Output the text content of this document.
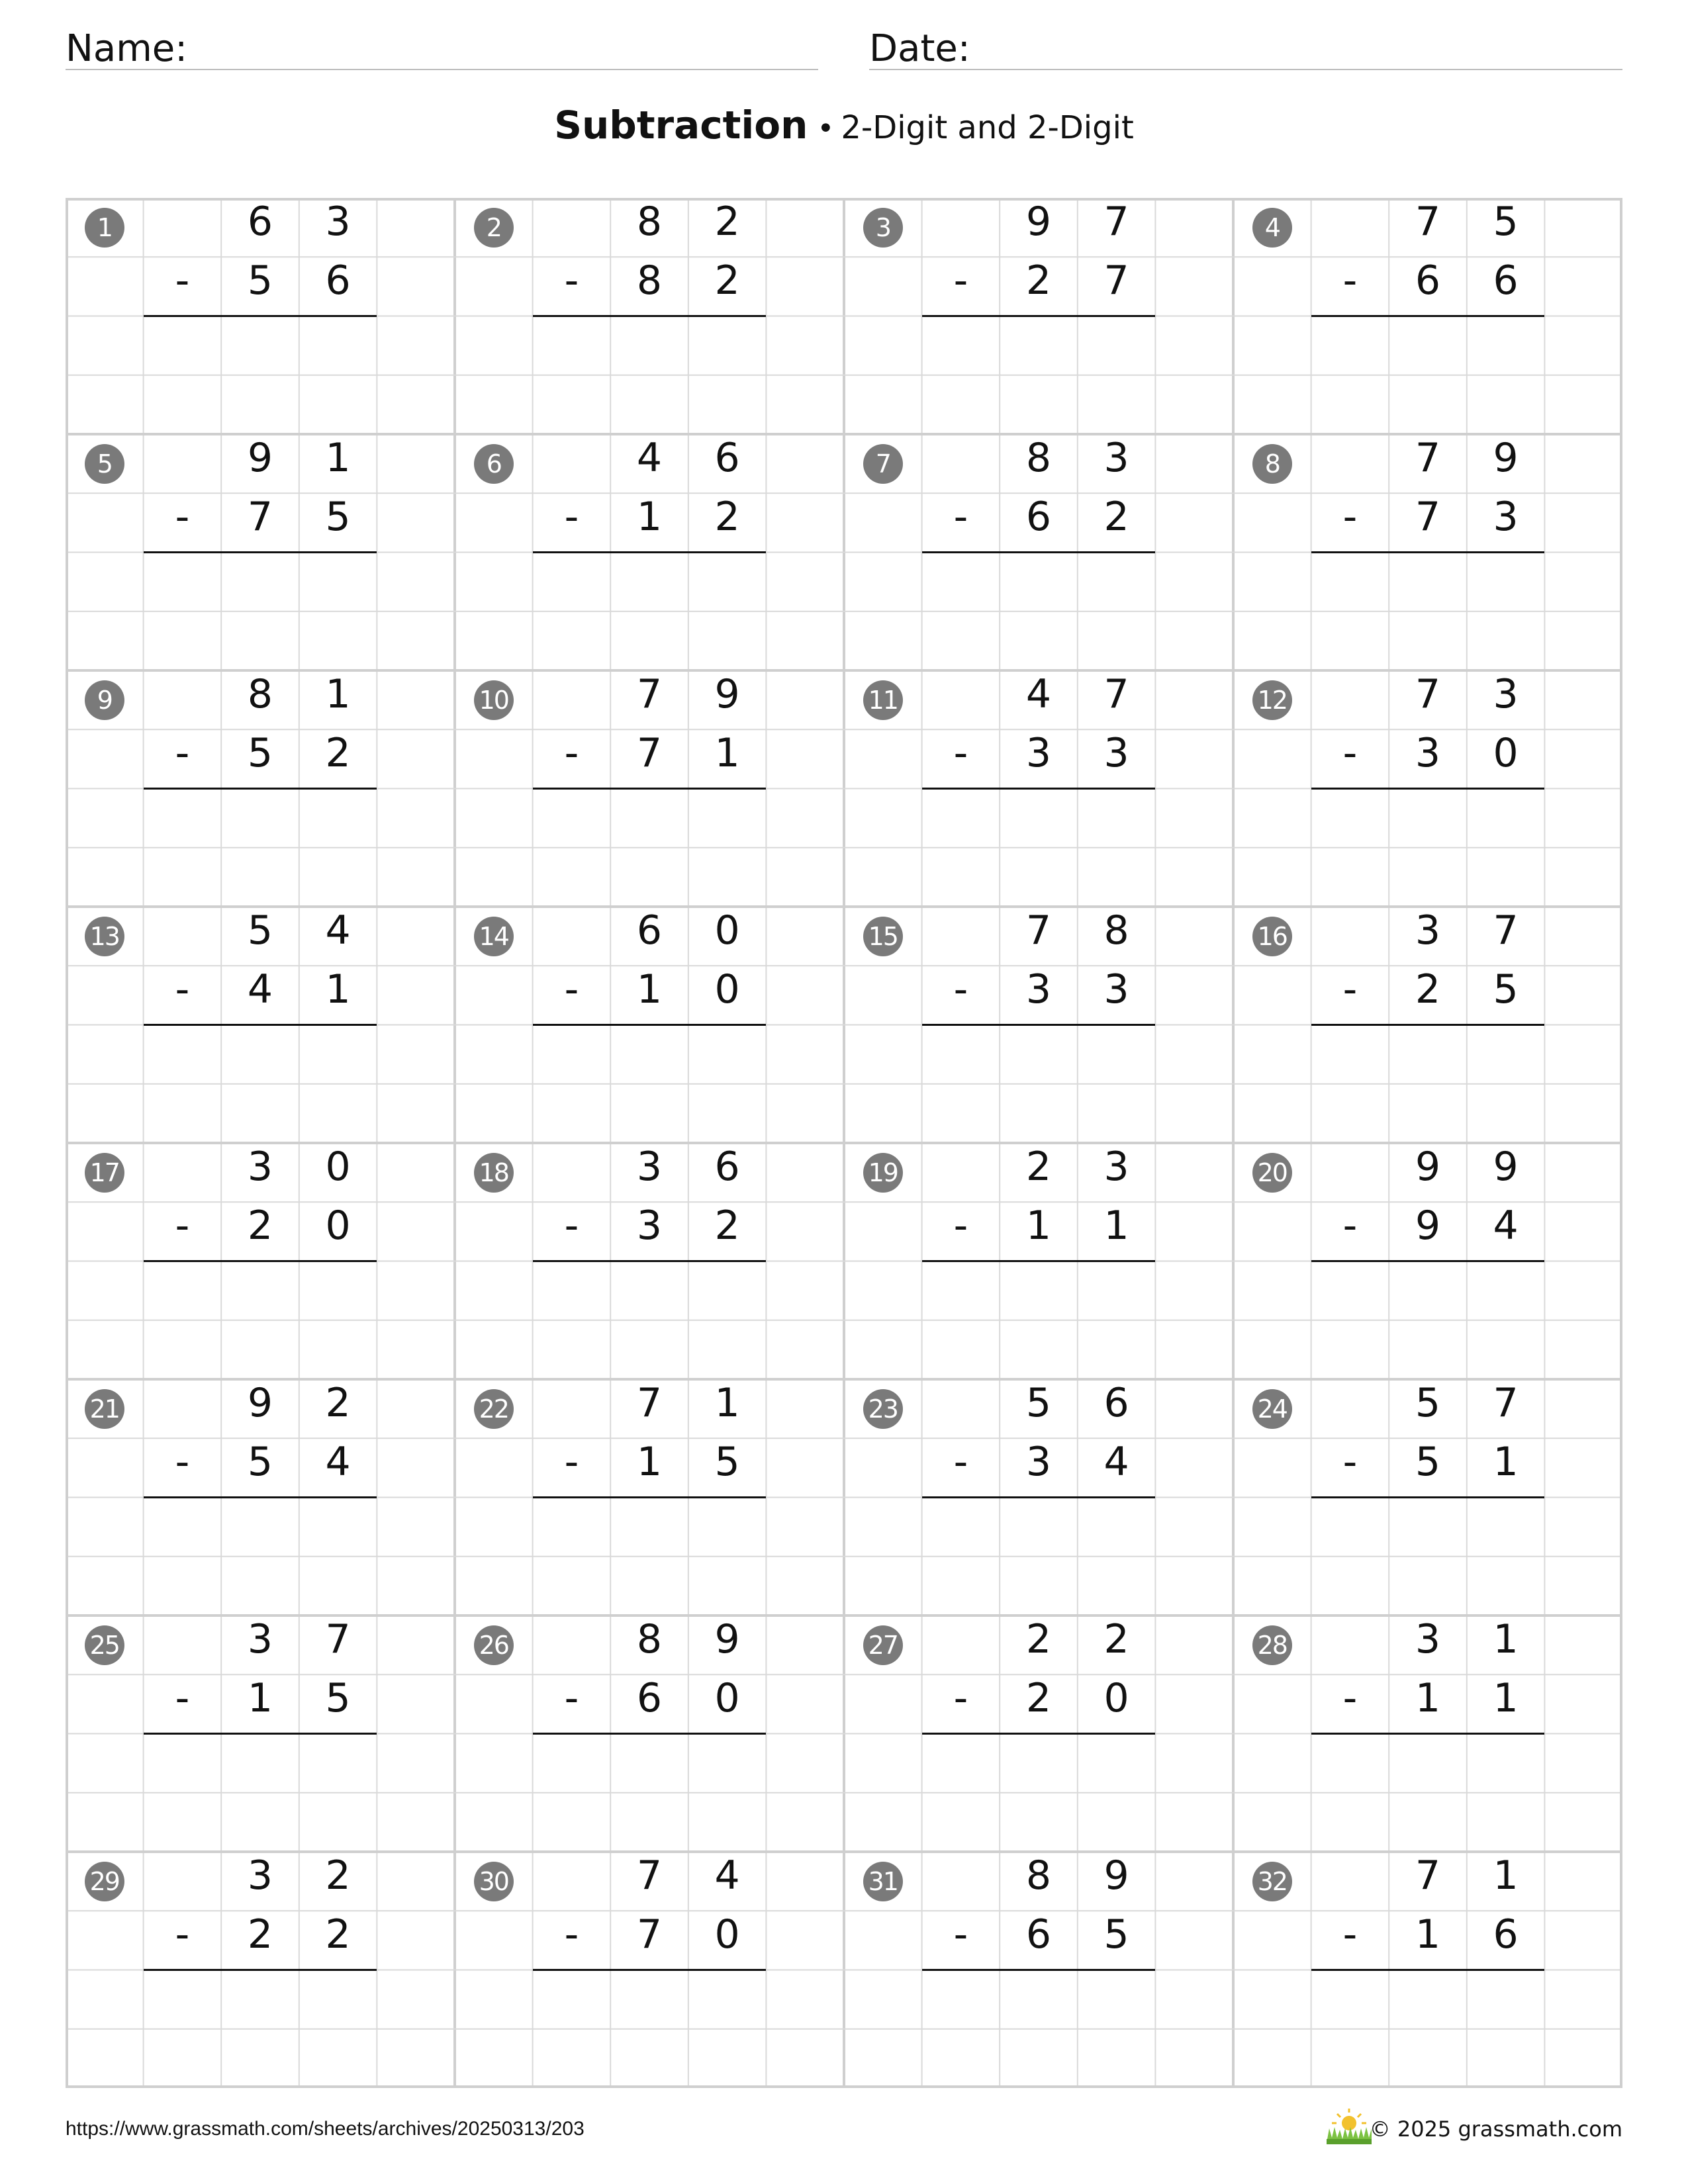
Name:	Date:
Subtraction • 2-Digit and 2-Digit
1	6	3
-	5	6
2	8	2
-	8	2
3	9	7
-	2	7
4	7	5
-	6	6
5	9	1
-	7	5
6	4	6
-	1	2
7	8	3
-	6	2
8	7	9
-	7	3
9	8	1
-	5	2
10	7	9
-	7	1
11	4	7
-	3	3
12	7	3
-	3	0
13	5	4
-	4	1
14	6	0
-	1	0
15	7	8
-	3	3
16	3	7
-	2	5
17	3	0
-	2	0
18	3	6
-	3	2
19	2	3
-	1	1
20	9	9
-	9	4
21	9	2
-	5	4
22	7	1
-	1	5
23	5	6
-	3	4
24	5	7
-	5	1
25	3	7
-	1	5
26	8	9
-	6	0
27	2	2
-	2	0
28	3	1
-	1	1
29	3	2
-	2	2
30	7	4
-	7	0
31	8	9
-	6	5
32	7	1
-	1	6
https://www.grassmath.com/sheets/archives/20250313/203	© 2025 grassmath.com
